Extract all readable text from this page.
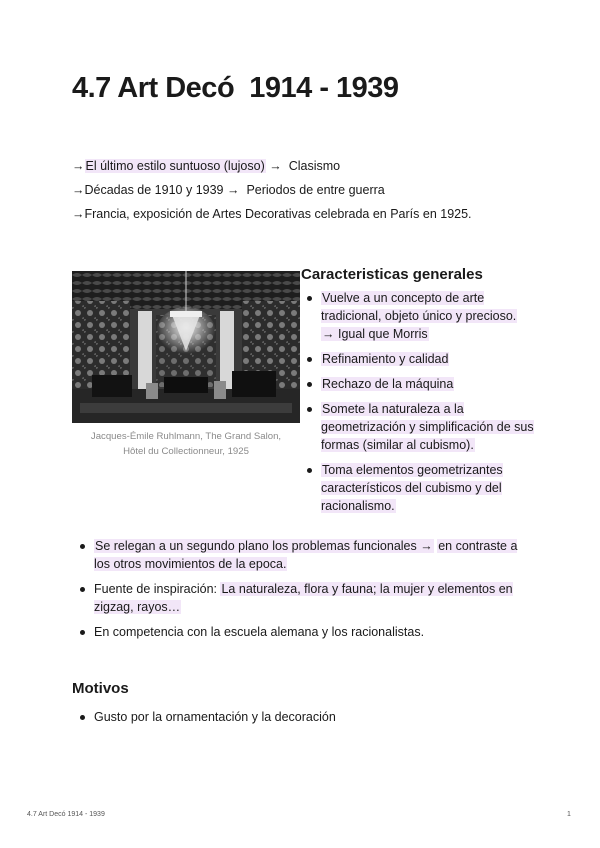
4.7 Art Decó  1914 - 1939
→El último estilo suntuoso (lujoso) → Clasismo
→Décadas de 1910 y 1939 → Periodos de entre guerra
→Francia, exposición de Artes Decorativas celebrada en París en 1925.
Jacques-Émile Ruhlmann, The Grand Salon,
Hôtel du Collectionneur, 1925
Caracteristicas generales
Vuelve a un concepto de arte tradicional, objeto único y precioso.
→ Igual que Morris
Refinamiento y calidad
Rechazo de la máquina
Somete la naturaleza a la geometrización y simplificación de sus formas (similar al cubismo).
Toma elementos geometrizantes característicos del cubismo y del racionalismo.
Se relegan a un segundo plano los problemas funcionales → en contraste a los otros movimientos de la epoca.
Fuente de inspiración: La naturaleza, flora y fauna; la mujer y elementos en zigzag, rayos…
En competencia con la escuela alemana y los racionalistas.
Motivos
Gusto por la ornamentación y la decoración
4.7 Art Decó 1914 - 1939	1
